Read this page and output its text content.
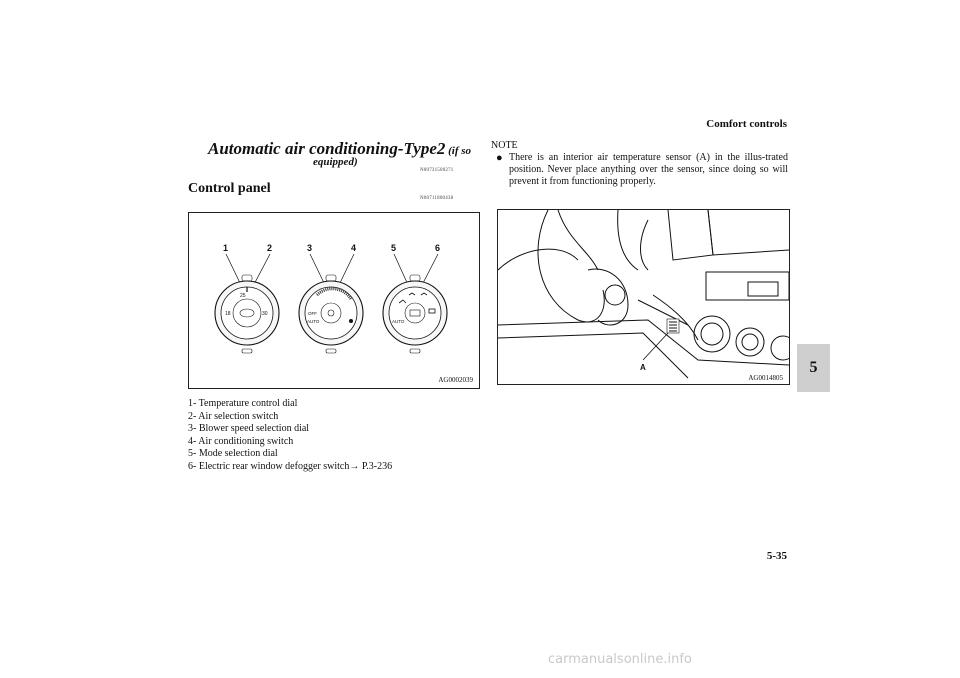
Comfort controls
Automatic air conditioning-Type2 (if so
equipped)
N00731500271
Control panel
N00711800438
1	2	3	4	5	6
25
18	30	OFF
AUTO	AUTO
AG0002039
1- Temperature control dial
2- Air selection switch
3- Blower speed selection dial
4- Air conditioning switch
5- Mode selection dial
6- Electric rear window defogger switch→ P.3-236
NOTE
● There is an interior air temperature sensor (A) in the illus-trated position. Never place anything over the sensor, since doing so will prevent it from functioning properly.
A
AG0014805
5
5-35
carmanualsonline.info
